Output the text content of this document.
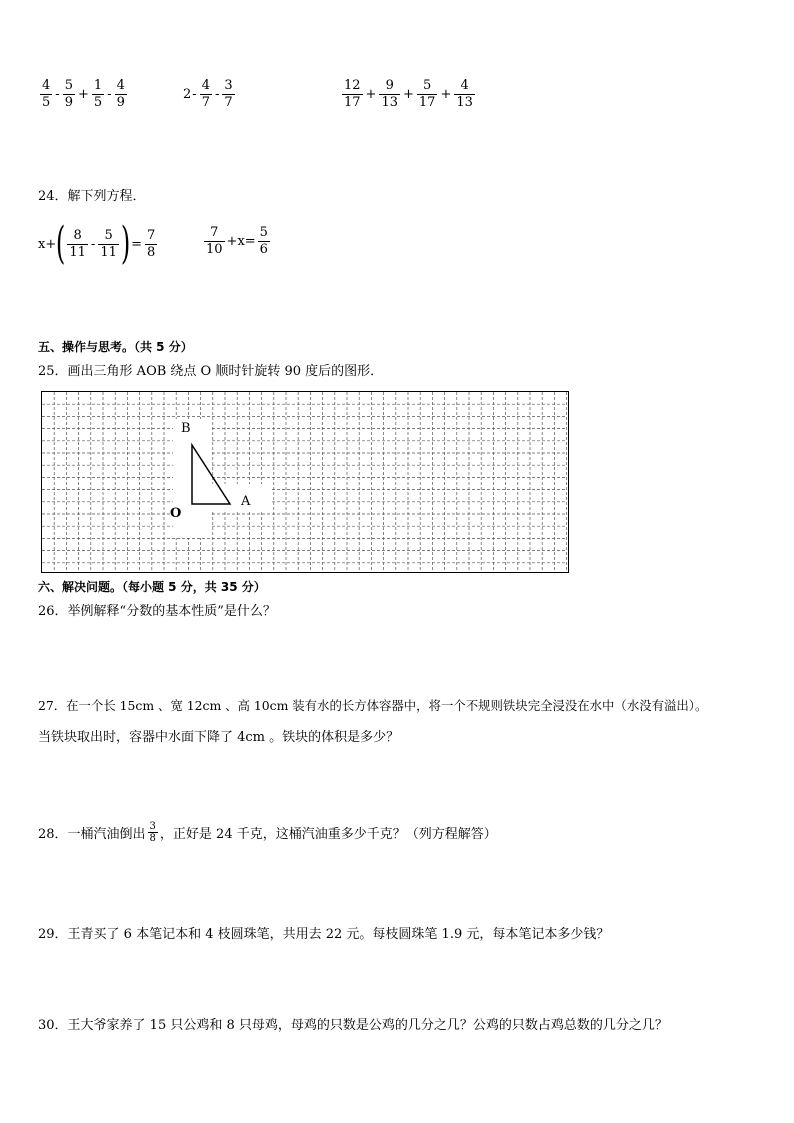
$\frac{4}{5} - \frac{5}{9} + \frac{1}{5} - \frac{4}{9}$	$2 - \frac{4}{7} - \frac{3}{7}$	$\frac{12}{17} + \frac{9}{13} + \frac{5}{17} + \frac{4}{13}$
24．解下列方程．
x+ ( $\frac{8}{11} - \frac{5}{11}$ ) = $\frac{7}{8}$	$\frac{7}{10} +x= \frac{5}{6}$
五、操作与思考。（共 5 分）
25．画出三角形 AOB 绕点 O 顺时针旋转 90 度后的图形．
B
A
O
六、解决问题。（每小题 5 分，共 35 分）
26．举例解释“分数的基本性质”是什么？
27．在一个长 15cm 、宽 12cm 、高 10cm 装有水的长方体容器中，将一个不规则铁块完全浸没在水中（水没有溢出）。
当铁块取出时，容器中水面下降了 4cm 。铁块的体积是多少？
28．一桶汽油倒出 $\frac{3}{8}$ ，正好是 24 千克，这桶汽油重多少千克？（列方程解答）
29．王青买了 6 本笔记本和 4 枝圆珠笔，共用去 22 元。每枝圆珠笔 1.9 元，每本笔记本多少钱？
30．王大爷家养了 15 只公鸡和 8 只母鸡，母鸡的只数是公鸡的几分之几？公鸡的只数占鸡总数的几分之几？
